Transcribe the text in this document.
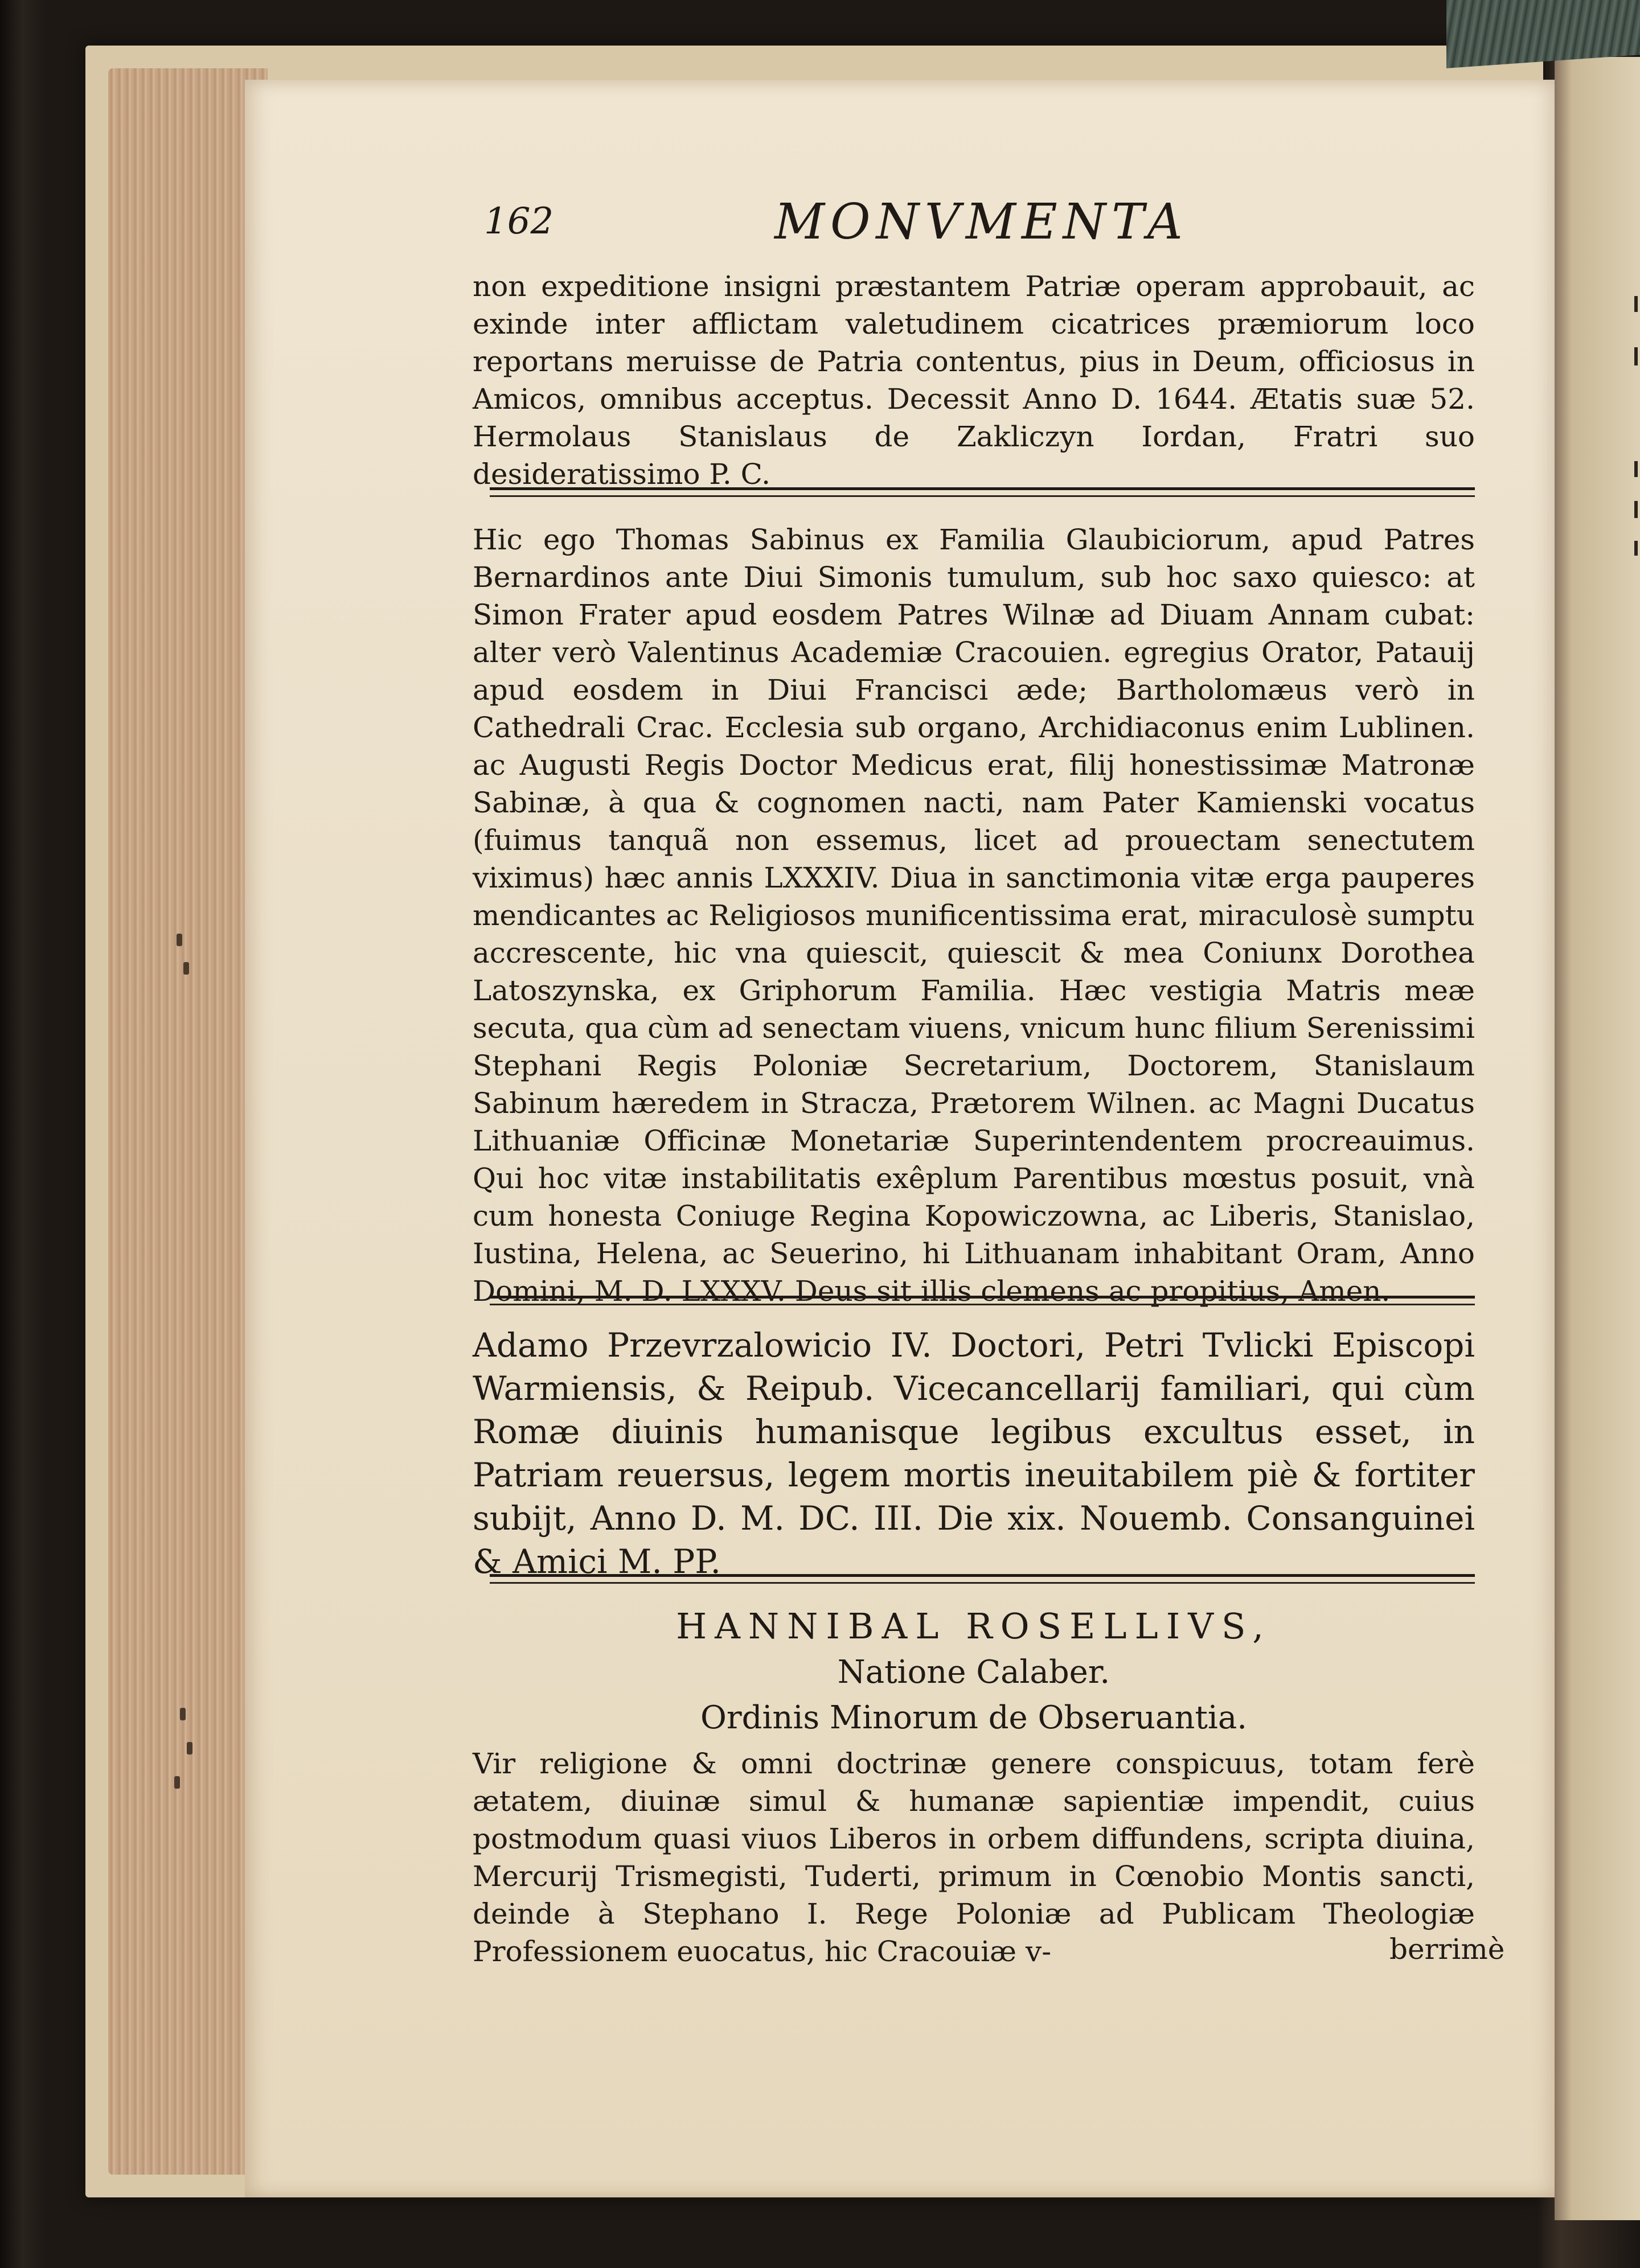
162	MONVMENTA

non expeditione insigni præstantem Patriæ operam approbauit, ac exinde inter afflictam valetudinem cicatrices præmiorum loco reportans meruisse de Patria contentus, pius in Deum, officiosus in Amicos, omnibus acceptus. Decessit Anno D. 1644. Ætatis suæ 52. Hermolaus Stanislaus de Zakliczyn Iordan, Fratri suo desideratissimo P. C.

Hic ego Thomas Sabinus ex Familia Glaubiciorum, apud Patres Bernardinos ante Diui Simonis tumulum, sub hoc saxo quiesco: at Simon Frater apud eosdem Patres Wilnæ ad Diuam Annam cubat: alter verò Valentinus Academiæ Cracouien. egregius Orator, Patauij apud eosdem in Diui Francisci æde; Bartholomæus verò in Cathedrali Crac. Ecclesia sub organo, Archidiaconus enim Lublinen. ac Augusti Regis Doctor Medicus erat, filij honestissimæ Matronæ Sabinæ, à qua & cognomen nacti, nam Pater Kamienski vocatus (fuimus tanquã non essemus, licet ad prouectam senectutem viximus) hæc annis LXXXIV. Diua in sanctimonia vitæ erga pauperes mendicantes ac Religiosos munificentissima erat, miraculosè sumptu accrescente, hic vna quiescit, quiescit & mea Coniunx Dorothea Latoszynska, ex Griphorum Familia. Hæc vestigia Matris meæ secuta, qua cùm ad senectam viuens, vnicum hunc filium Serenissimi Stephani Regis Poloniæ Secretarium, Doctorem, Stanislaum Sabinum hæredem in Stracza, Prætorem Wilnen. ac Magni Ducatus Lithuaniæ Officinæ Monetariæ Superintendentem procreauimus. Qui hoc vitæ instabilitatis exêplum Parentibus mœstus posuit, vnà cum honesta Coniuge Regina Kopowiczowna, ac Liberis, Stanislao, Iustina, Helena, ac Seuerino, hi Lithuanam inhabitant Oram, Anno Domini, M. D. LXXXV. Deus sit illis clemens ac propitius, Amen.

Adamo Przevrzalowicio IV. Doctori, Petri Tvlicki Episcopi Warmiensis, & Reipub. Vicecancellarij familiari, qui cùm Romæ diuinis humanisque legibus excultus esset, in Patriam reuersus, legem mortis ineuitabilem piè & fortiter subijt, Anno D. M. DC. III. Die xix. Nouemb. Consanguinei & Amici M. PP.

HANNIBAL ROSELLIVS,
Natione Calaber.
Ordinis Minorum de Obseruantia.

Vir religione & omni doctrinæ genere conspicuus, totam ferè ætatem, diuinæ simul & humanæ sapientiæ impendit, cuius postmodum quasi viuos Liberos in orbem diffundens, scripta diuina, Mercurij Trismegisti, Tuderti, primum in Cœnobio Montis sancti, deinde à Stephano I. Rege Poloniæ ad Publicam Theologiæ Professionem euocatus, hic Cracouiæ v-	berrimè
